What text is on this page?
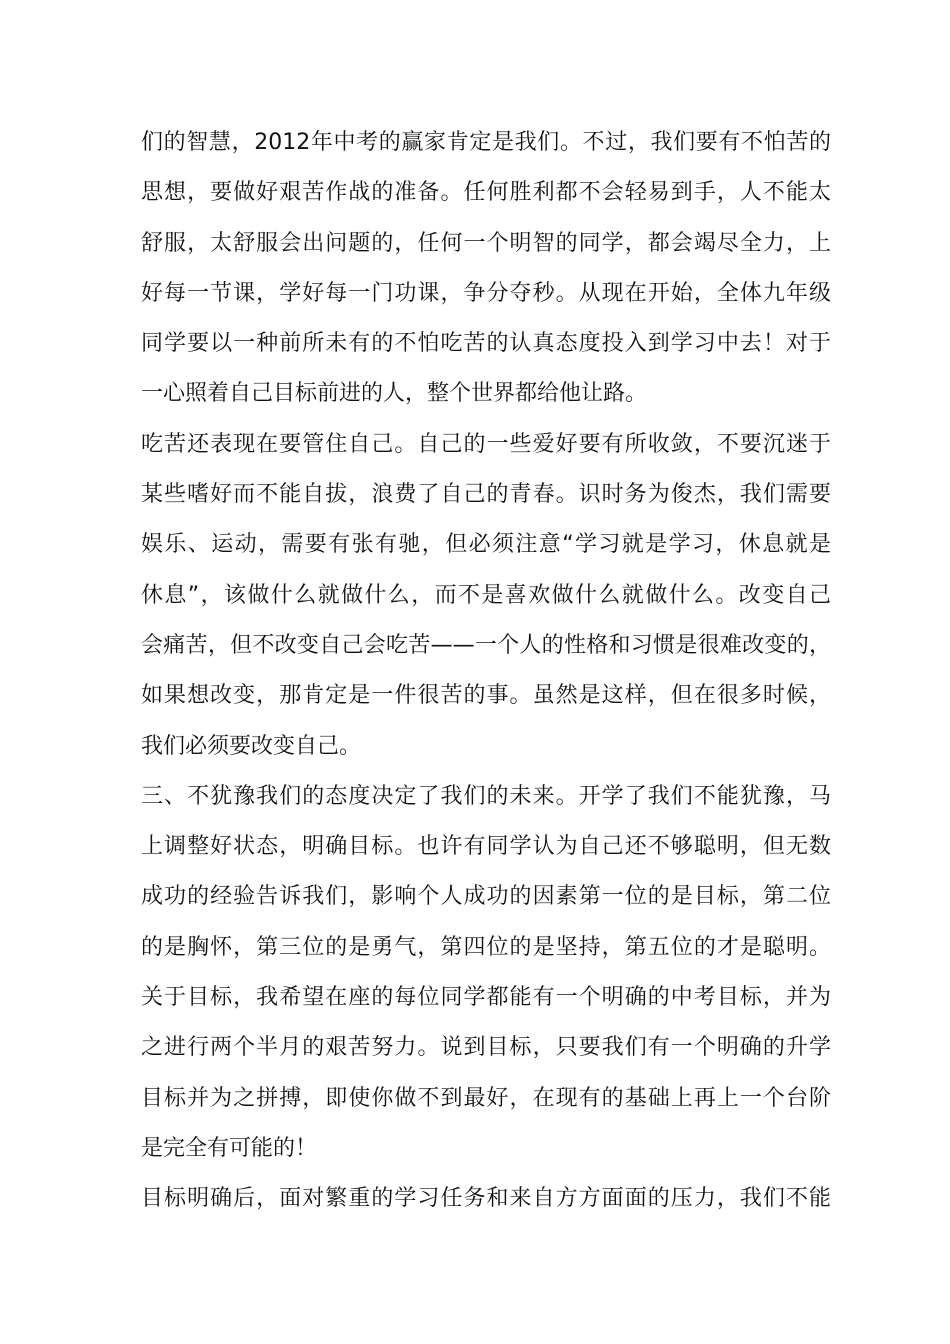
们的智慧，2012年中考的赢家肯定是我们。不过，我们要有不怕苦的
思想，要做好艰苦作战的准备。任何胜利都不会轻易到手，人不能太
舒服，太舒服会出问题的，任何一个明智的同学，都会竭尽全力，上
好每一节课，学好每一门功课，争分夺秒。从现在开始，全体九年级
同学要以一种前所未有的不怕吃苦的认真态度投入到学习中去！对于
一心照着自己目标前进的人，整个世界都给他让路。
吃苦还表现在要管住自己。自己的一些爱好要有所收敛，不要沉迷于
某些嗜好而不能自拔，浪费了自己的青春。识时务为俊杰，我们需要
娱乐、运动，需要有张有驰，但必须注意“学习就是学习，休息就是
休息”，该做什么就做什么，而不是喜欢做什么就做什么。改变自己
会痛苦，但不改变自己会吃苦——一个人的性格和习惯是很难改变的，
如果想改变，那肯定是一件很苦的事。虽然是这样，但在很多时候，
我们必须要改变自己。
三、不犹豫我们的态度决定了我们的未来。开学了我们不能犹豫，马
上调整好状态，明确目标。也许有同学认为自己还不够聪明，但无数
成功的经验告诉我们，影响个人成功的因素第一位的是目标，第二位
的是胸怀，第三位的是勇气，第四位的是坚持，第五位的才是聪明。
关于目标，我希望在座的每位同学都能有一个明确的中考目标，并为
之进行两个半月的艰苦努力。说到目标，只要我们有一个明确的升学
目标并为之拼搏，即使你做不到最好，在现有的基础上再上一个台阶
是完全有可能的！
目标明确后，面对繁重的学习任务和来自方方面面的压力，我们不能
